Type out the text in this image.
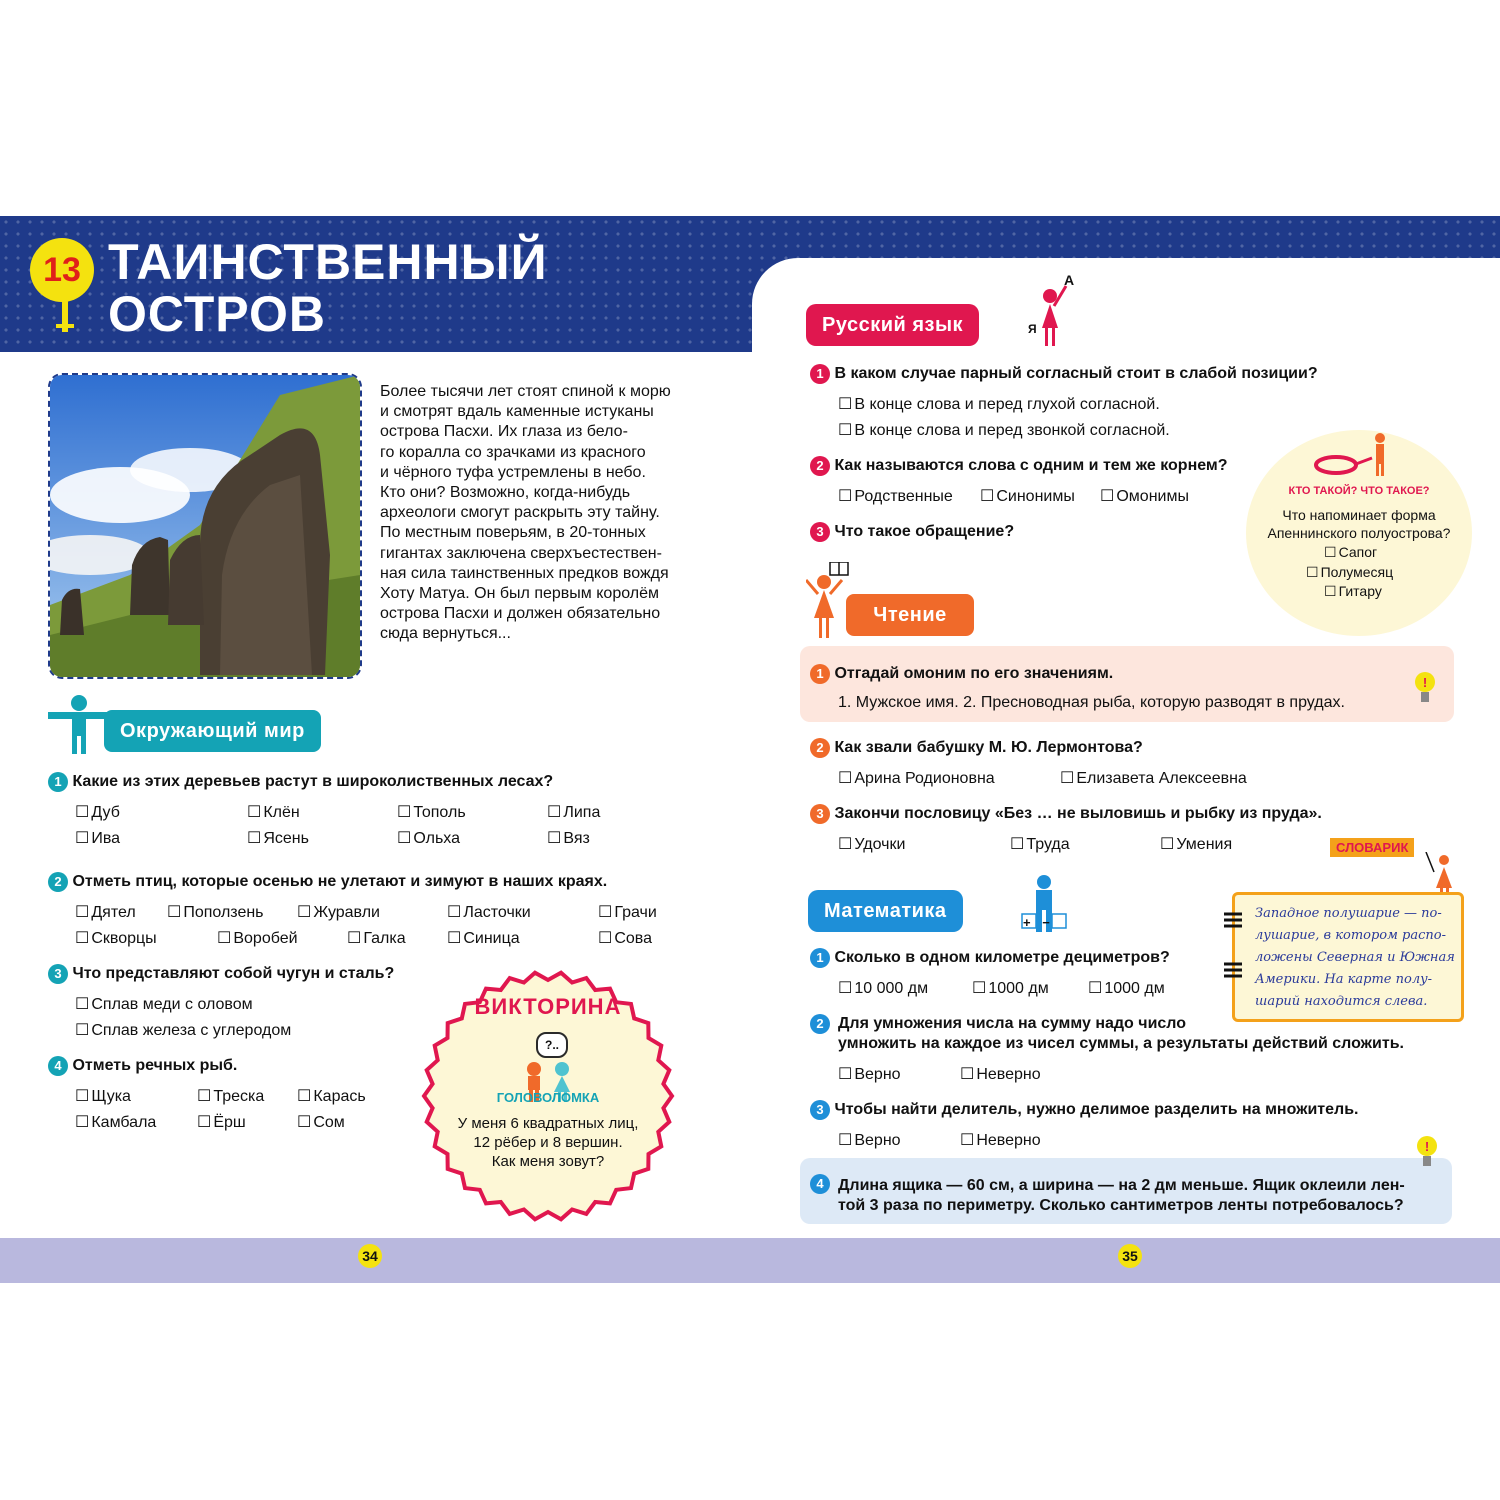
34	35
13 ТАИНСТВЕННЫЙ
ОСТРОВ
Более тысячи лет стоят спиной к морю
и смотрят вдаль каменные истуканы
острова Пасхи. Их глаза из бело-
го коралла со зрачками из красного
и чёрного туфа устремлены в небо.
Кто они? Возможно, когда-нибудь
археологи смогут раскрыть эту тайну.
По местным поверьям, в 20-тонных
гигантах заключена сверхъестествен-
ная сила таинственных предков вождя
Хоту Матуа. Он был первым королём
острова Пасхи и должен обязательно
сюда вернуться...
Окружающий мир
1 Какие из этих деревьев растут в широколиственных лесах?
☐ Дуб	☐ Клён	☐ Тополь	☐ Липа
☐ Ива	☐ Ясень	☐ Ольха	☐ Вяз
2 Отметь птиц, которые осенью не улетают и зимуют в наших краях.
☐ Дятел	☐ Поползень	☐ Журавли	☐ Ласточки	☐ Грачи
☐ Скворцы	☐ Воробей	☐ Галка	☐ Синица	☐ Сова
3 Что представляют собой чугун и сталь?
☐ Сплав меди с оловом
☐ Сплав железа с углеродом
4 Отметь речных рыб.
☐ Щука	☐ Треска	☐ Карась
☐ Камбала	☐ Ёрш	☐ Сом
ВИКТОРИНА
?..
ГОЛОВОЛОМКА
У меня 6 квадратных лиц,
12 рёбер и 8 вершин.
Как меня зовут?
Русский язык
А
Я
1 В каком случае парный согласный стоит в слабой позиции?
☐ В конце слова и перед глухой согласной.
☐ В конце слова и перед звонкой согласной.
2 Как называются слова с одним и тем же корнем?
☐ Родственные	☐ Синонимы	☐ Омонимы
3 Что такое обращение?
КТО ТАКОЙ? ЧТО ТАКОЕ?
Что напоминает форма
Апеннинского полуострова?
☐ Сапог
☐ Полумесяц
☐ Гитару
Чтение
1 Отгадай омоним по его значениям.
1. Мужское имя. 2. Пресноводная рыба, которую разводят в прудах.
!
2 Как звали бабушку М. Ю. Лермонтова?
☐ Арина Родионовна	☐ Елизавета Алексеевна
3 Закончи пословицу «Без … не выловишь и рыбку из пруда».
☐ Удочки	☐ Труда	☐ Умения	СЛОВАРИК
Западное полушарие — по-
лушарие, в котором распо-
ложены Северная и Южная
Америки. На карте полу-
шарий находится слева.
Математика
+ −
1 Сколько в одном километре дециметров?
☐ 10 000 дм	☐ 1000 дм	☐ 1000 дм
2 Для умножения числа на сумму надо число
умножить на каждое из чисел суммы, а результаты действий сложить.
☐ Верно	☐ Неверно
3 Чтобы найти делитель, нужно делимое разделить на множитель.
☐ Верно	☐ Неверно	!
4 Длина ящика — 60 см, а ширина — на 2 дм меньше. Ящик оклеили лен-
той 3 раза по периметру. Сколько сантиметров ленты потребовалось?
